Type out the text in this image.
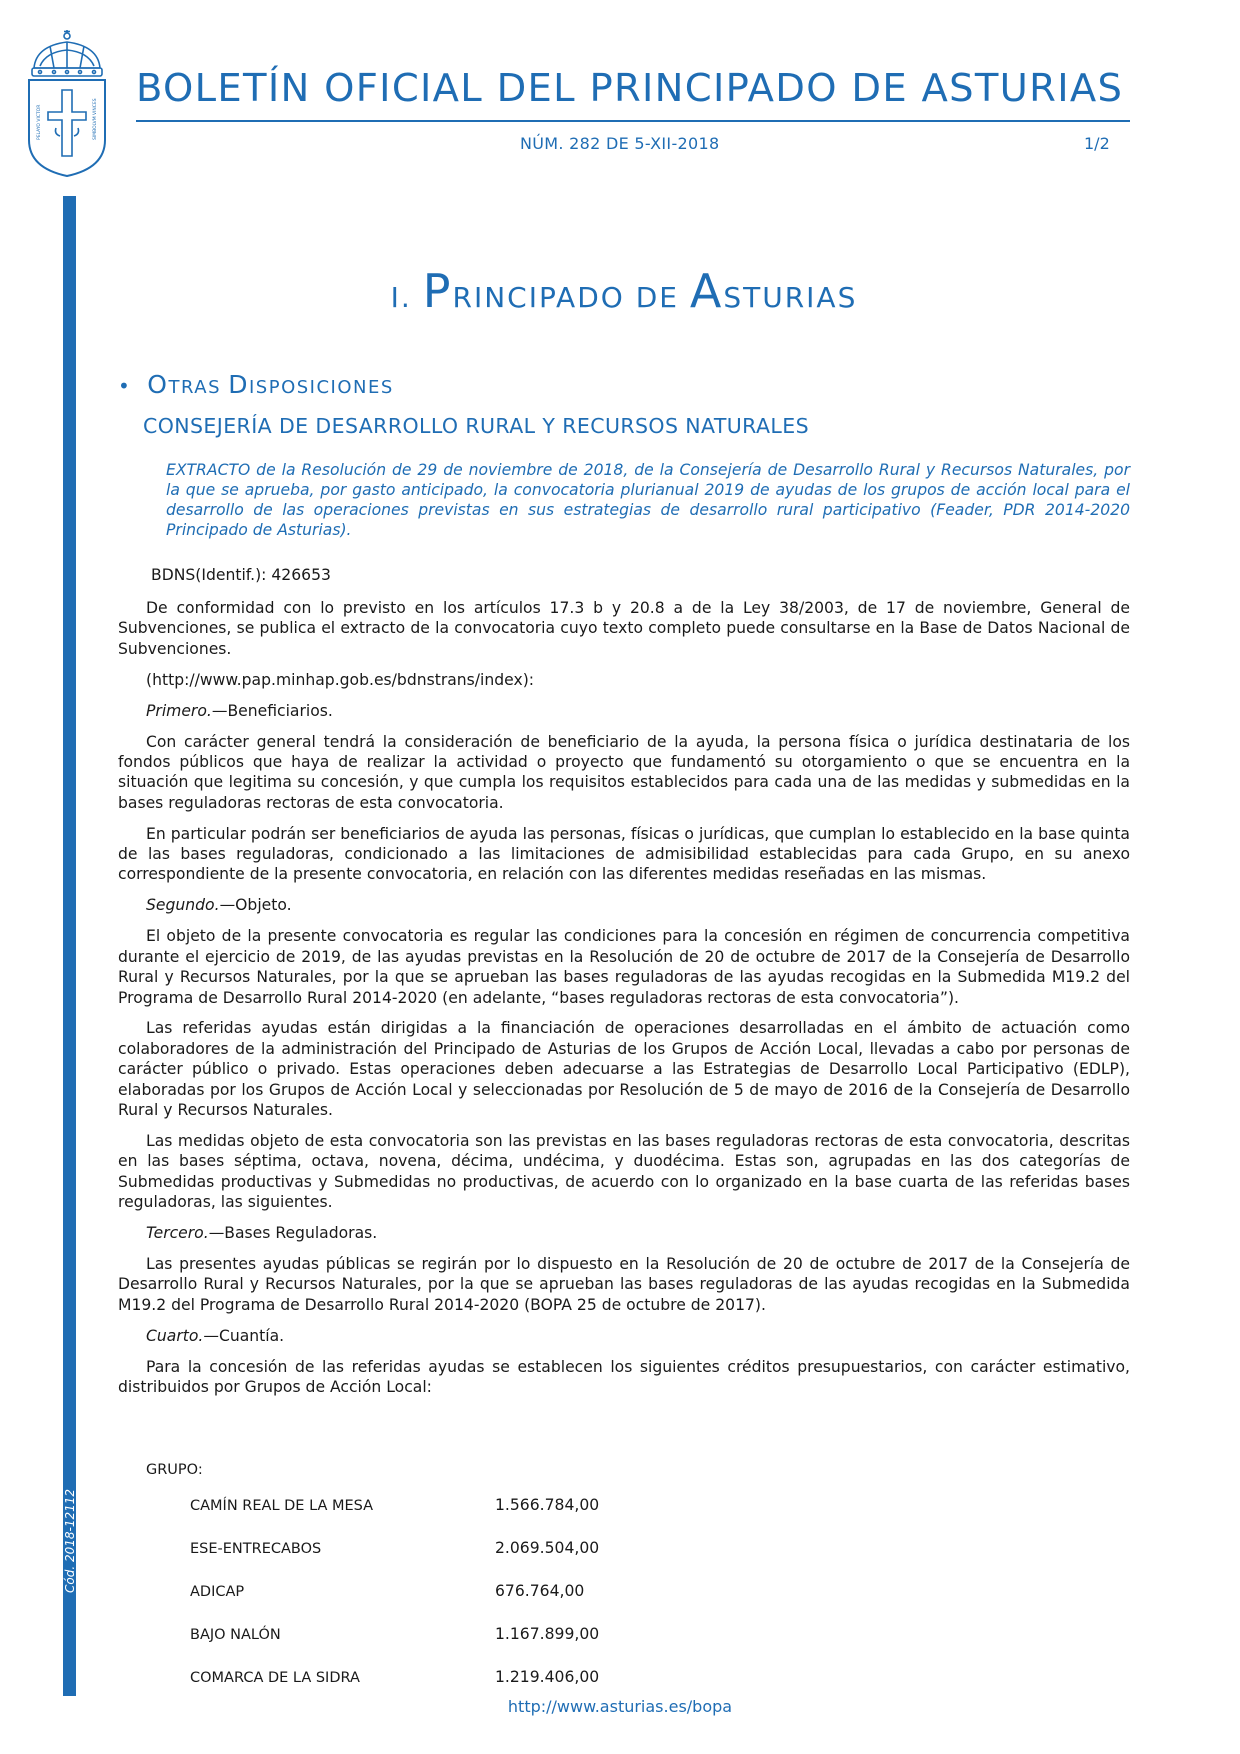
PELAYO VICTOR	SIMBOLVM VINCES
BOLETÍN OFICIAL DEL PRINCIPADO DE ASTURIAS
NÚM. 282 DE 5-XII-2018	1/2
Cód. 2018-12112
I. PRINCIPADO DE ASTURIAS
• OTRAS DISPOSICIONES
CONSEJERÍA DE DESARROLLO RURAL Y RECURSOS NATURALES

EXTRACTO de la Resolución de 29 de noviembre de 2018, de la Consejería de Desarrollo Rural y Recursos Naturales, por la que se aprueba, por gasto anticipado, la convocatoria plurianual 2019 de ayudas de los grupos de acción local para el desarrollo de las operaciones previstas en sus estrategias de desarrollo rural participativo (Feader, PDR 2014-2020 Principado de Asturias).

BDNS(Identif.): 426653

De conformidad con lo previsto en los artículos 17.3 b y 20.8 a de la Ley 38/2003, de 17 de noviembre, General de Subvenciones, se publica el extracto de la convocatoria cuyo texto completo puede consultarse en la Base de Datos Nacional de Subvenciones.

(http://www.pap.minhap.gob.es/bdnstrans/index):

Primero.—Beneficiarios.

Con carácter general tendrá la consideración de beneficiario de la ayuda, la persona física o jurídica destinataria de los fondos públicos que haya de realizar la actividad o proyecto que fundamentó su otorgamiento o que se encuentra en la situación que legitima su concesión, y que cumpla los requisitos establecidos para cada una de las medidas y submedidas en la bases reguladoras rectoras de esta convocatoria.

En particular podrán ser beneficiarios de ayuda las personas, físicas o jurídicas, que cumplan lo establecido en la base quinta de las bases reguladoras, condicionado a las limitaciones de admisibilidad establecidas para cada Grupo, en su anexo correspondiente de la presente convocatoria, en relación con las diferentes medidas reseñadas en las mismas.

Segundo.—Objeto.

El objeto de la presente convocatoria es regular las condiciones para la concesión en régimen de concurrencia competitiva durante el ejercicio de 2019, de las ayudas previstas en la Resolución de 20 de octubre de 2017 de la Consejería de Desarrollo Rural y Recursos Naturales, por la que se aprueban las bases reguladoras de las ayudas recogidas en la Submedida M19.2 del Programa de Desarrollo Rural 2014-2020 (en adelante, “bases reguladoras rectoras de esta convocatoria”).

Las referidas ayudas están dirigidas a la financiación de operaciones desarrolladas en el ámbito de actuación como colaboradores de la administración del Principado de Asturias de los Grupos de Acción Local, llevadas a cabo por personas de carácter público o privado. Estas operaciones deben adecuarse a las Estrategias de Desarrollo Local Participativo (EDLP), elaboradas por los Grupos de Acción Local y seleccionadas por Resolución de 5 de mayo de 2016 de la Consejería de Desarrollo Rural y Recursos Naturales.

Las medidas objeto de esta convocatoria son las previstas en las bases reguladoras rectoras de esta convocatoria, descritas en las bases séptima, octava, novena, décima, undécima, y duodécima. Estas son, agrupadas en las dos categorías de Submedidas productivas y Submedidas no productivas, de acuerdo con lo organizado en la base cuarta de las referidas bases reguladoras, las siguientes.

Tercero.—Bases Reguladoras.

Las presentes ayudas públicas se regirán por lo dispuesto en la Resolución de 20 de octubre de 2017 de la Consejería de Desarrollo Rural y Recursos Naturales, por la que se aprueban las bases reguladoras de las ayudas recogidas en la Submedida M19.2 del Programa de Desarrollo Rural 2014-2020 (BOPA 25 de octubre de 2017).

Cuarto.—Cuantía.

Para la concesión de las referidas ayudas se establecen los siguientes créditos presupuestarios, con carácter estimativo, distribuidos por Grupos de Acción Local:

GRUPO:
CAMÍN REAL DE LA MESA	1.566.784,00
ESE-ENTRECABOS	2.069.504,00
ADICAP	676.764,00
BAJO NALÓN	1.167.899,00
COMARCA DE LA SIDRA	1.219.406,00
http://www.asturias.es/bopa
